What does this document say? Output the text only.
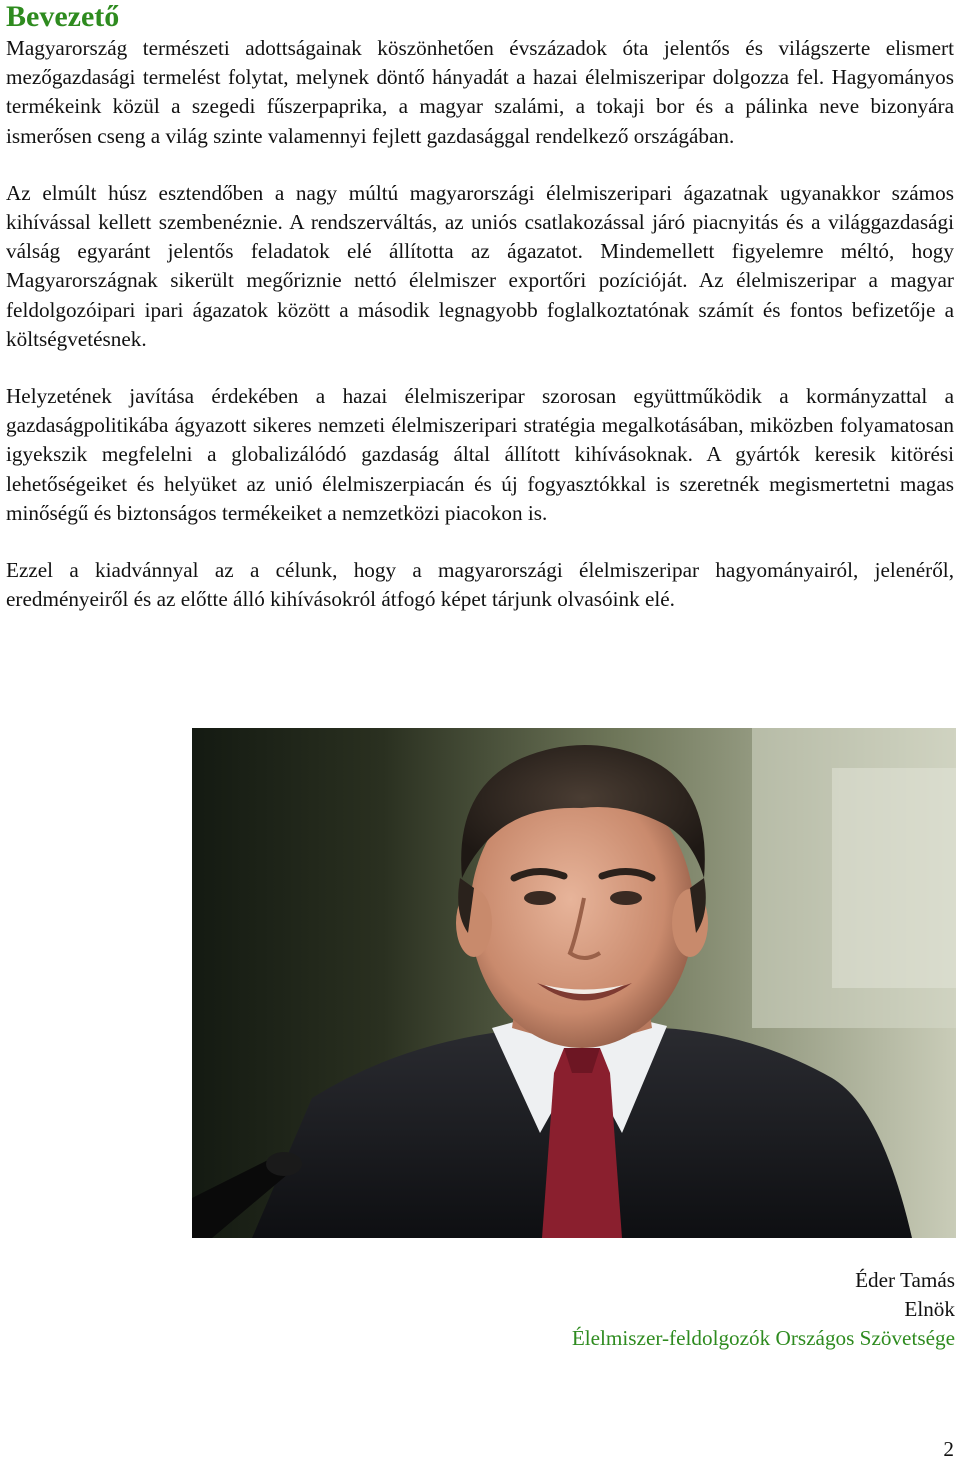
Bevezető

Magyarország természeti adottságainak köszönhetően évszázadok óta jelentős és világszerte elismert mezőgazdasági termelést folytat, melynek döntő hányadát a hazai élelmiszeripar dolgozza fel. Hagyományos termékeink közül a szegedi fűszerpaprika, a magyar szalámi, a tokaji bor és a pálinka neve bizonyára ismerősen cseng a világ szinte valamennyi fejlett gazdasággal rendelkező országában.

Az elmúlt húsz esztendőben a nagy múltú magyarországi élelmiszeripari ágazatnak ugyanakkor számos kihívással kellett szembenéznie. A rendszerváltás, az uniós csatlakozással járó piacnyitás és a világgazdasági válság egyaránt jelentős feladatok elé állította az ágazatot. Mindemellett figyelemre méltó, hogy Magyarországnak sikerült megőriznie nettó élelmiszer exportőri pozícióját. Az élelmiszeripar a magyar feldolgozóipari ipari ágazatok között a második legnagyobb foglalkoztatónak számít és fontos befizetője a költségvetésnek.

Helyzetének javítása érdekében a hazai élelmiszeripar szorosan együttműködik a kormányzattal a gazdaságpolitikába ágyazott sikeres nemzeti élelmiszeripari stratégia megalkotásában, miközben folyamatosan igyekszik megfelelni a globalizálódó gazdaság által állított kihívásoknak. A gyártók keresik kitörési lehetőségeiket és helyüket az unió élelmiszerpiacán és új fogyasztókkal is szeretnék megismertetni magas minőségű és biztonságos termékeiket a nemzetközi piacokon is.

Ezzel a kiadvánnyal az a célunk, hogy a magyarországi élelmiszeripar hagyományairól, jelenéről, eredményeiről és az előtte álló kihívásokról átfogó képet tárjunk olvasóink elé.

Éder Tamás
Elnök
Élelmiszer-feldolgozók Országos Szövetsége
2
